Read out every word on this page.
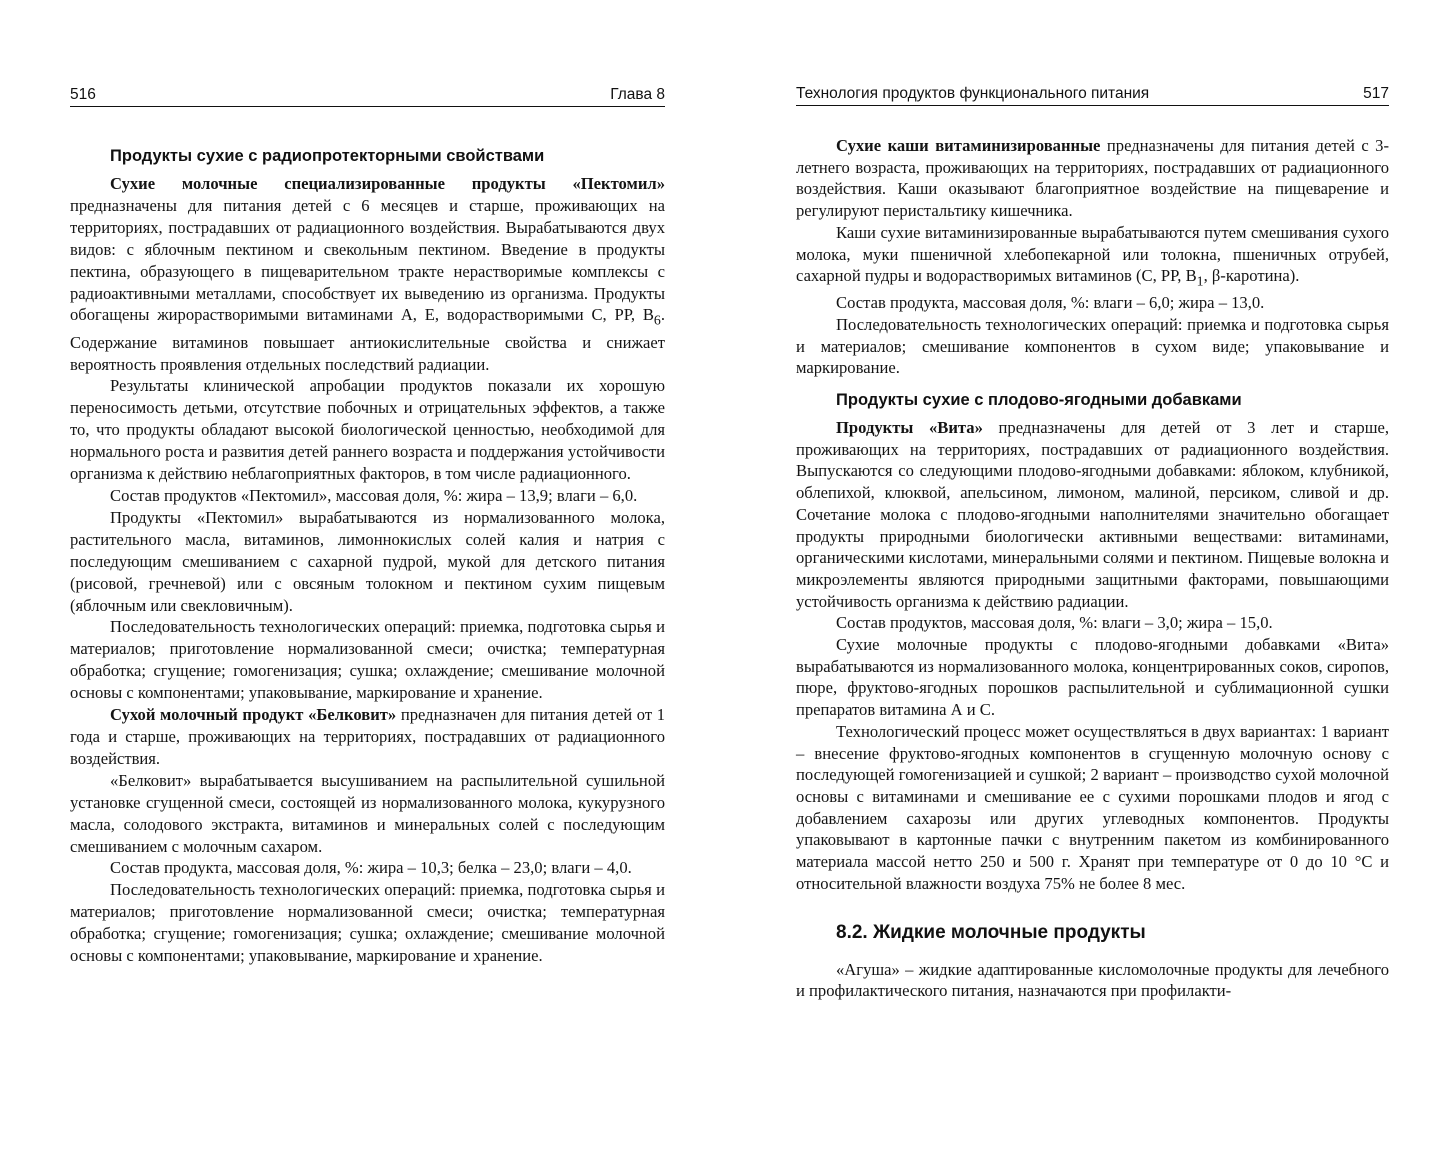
516	Глава 8
Продукты сухие с радиопротекторными свойствами

Сухие молочные специализированные продукты «Пектомил» предназначены для питания детей с 6 месяцев и старше, проживающих на территориях, пострадавших от радиационного воздействия. Вырабатываются двух видов: с яблочным пектином и свекольным пектином. Введение в продукты пектина, образующего в пищеварительном тракте нерастворимые комплексы с радиоактивными металлами, способствует их выведению из организма. Продукты обогащены жирорастворимыми витаминами А, Е, водорастворимыми С, РР, $В_6$. Содержание витаминов повышает антиокислительные свойства и снижает вероятность проявления отдельных последствий радиации.

Результаты клинической апробации продуктов показали их хорошую переносимость детьми, отсутствие побочных и отрицательных эффектов, а также то, что продукты обладают высокой биологической ценностью, необходимой для нормального роста и развития детей раннего возраста и поддержания устойчивости организма к действию неблагоприятных факторов, в том числе радиационного.

Состав продуктов «Пектомил», массовая доля, %: жира – 13,9; влаги – 6,0.

Продукты «Пектомил» вырабатываются из нормализованного молока, растительного масла, витаминов, лимоннокислых солей калия и натрия с последующим смешиванием с сахарной пудрой, мукой для детского питания (рисовой, гречневой) или с овсяным толокном и пектином сухим пищевым (яблочным или свекловичным).

Последовательность технологических операций: приемка, подготовка сырья и материалов; приготовление нормализованной смеси; очистка; температурная обработка; сгущение; гомогенизация; сушка; охлаждение; смешивание молочной основы с компонентами; упаковывание, маркирование и хранение.

Сухой молочный продукт «Белковит» предназначен для питания детей от 1 года и старше, проживающих на территориях, пострадавших от радиационного воздействия.

«Белковит» вырабатывается высушиванием на распылительной сушильной установке сгущенной смеси, состоящей из нормализованного молока, кукурузного масла, солодового экстракта, витаминов и минеральных солей с последующим смешиванием с молочным сахаром.

Состав продукта, массовая доля, %: жира – 10,3; белка – 23,0; влаги – 4,0.

Последовательность технологических операций: приемка, подготовка сырья и материалов; приготовление нормализованной смеси; очистка; температурная обработка; сгущение; гомогенизация; сушка; охлаждение; смешивание молочной основы с компонентами; упаковывание, маркирование и хранение.

Технология продуктов функционального питания	517

Сухие каши витаминизированные предназначены для питания детей с 3-летнего возраста, проживающих на территориях, пострадавших от радиационного воздействия. Каши оказывают благоприятное воздействие на пищеварение и регулируют перистальтику кишечника.

Каши сухие витаминизированные вырабатываются путем смешивания сухого молока, муки пшеничной хлебопекарной или толокна, пшеничных отрубей, сахарной пудры и водорастворимых витаминов (С, РР, $В_1$, β-каротина).

Состав продукта, массовая доля, %: влаги – 6,0; жира – 13,0.

Последовательность технологических операций: приемка и подготовка сырья и материалов; смешивание компонентов в сухом виде; упаковывание и маркирование.

Продукты сухие с плодово-ягодными добавками

Продукты «Вита» предназначены для детей от 3 лет и старше, проживающих на территориях, пострадавших от радиационного воздействия. Выпускаются со следующими плодово-ягодными добавками: яблоком, клубникой, облепихой, клюквой, апельсином, лимоном, малиной, персиком, сливой и др. Сочетание молока с плодово-ягодными наполнителями значительно обогащает продукты природными биологически активными веществами: витаминами, органическими кислотами, минеральными солями и пектином. Пищевые волокна и микроэлементы являются природными защитными факторами, повышающими устойчивость организма к действию радиации.

Состав продуктов, массовая доля, %: влаги – 3,0; жира – 15,0.

Сухие молочные продукты с плодово-ягодными добавками «Вита» вырабатываются из нормализованного молока, концентрированных соков, сиропов, пюре, фруктово-ягодных порошков распылительной и сублимационной сушки препаратов витамина А и С.

Технологический процесс может осуществляться в двух вариантах: 1 вариант – внесение фруктово-ягодных компонентов в сгущенную молочную основу с последующей гомогенизацией и сушкой; 2 вариант – производство сухой молочной основы с витаминами и смешивание ее с сухими порошками плодов и ягод с добавлением сахарозы или других углеводных компонентов. Продукты упаковывают в картонные пачки с внутренним пакетом из комбинированного материала массой нетто 250 и 500 г. Хранят при температуре от 0 до 10 °С и относительной влажности воздуха 75% не более 8 мес.

8.2. Жидкие молочные продукты

«Агуша» – жидкие адаптированные кисломолочные продукты для лечебного и профилактического питания, назначаются при профилакти-
